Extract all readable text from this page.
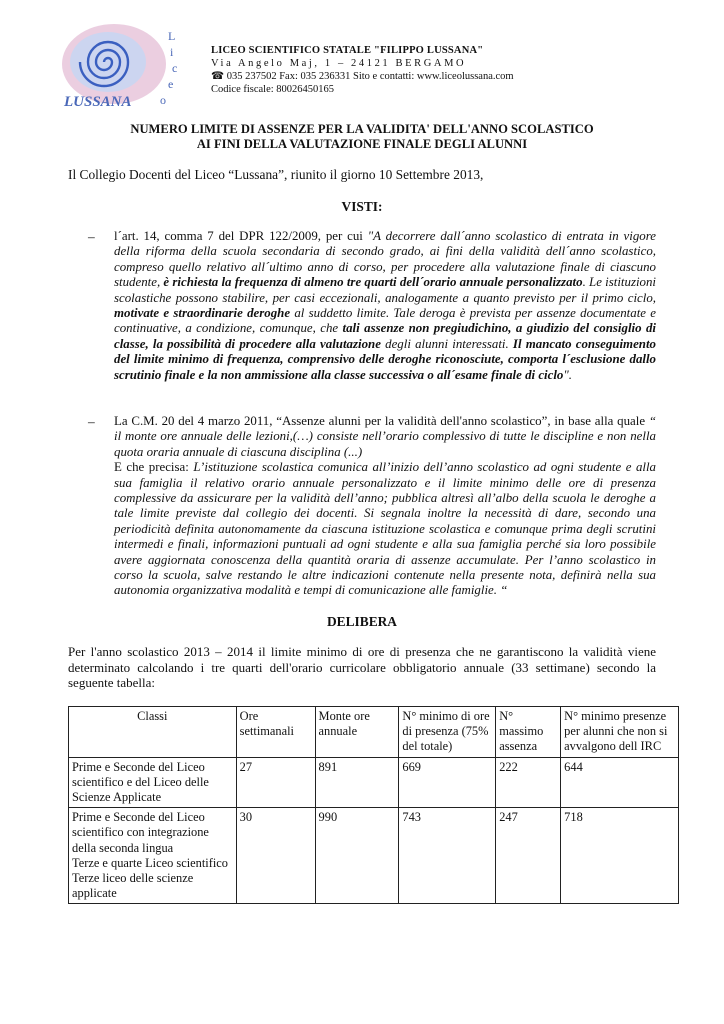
L
i
c
e
o
LUSSANA
LICEO SCIENTIFICO STATALE "FILIPPO LUSSANA"
Via Angelo Maj, 1 – 24121 BERGAMO
☎ 035 237502 Fax: 035 236331 Sito e contatti: www.liceolussana.com
Codice fiscale: 80026450165
NUMERO LIMITE DI ASSENZE PER LA VALIDITA' DELL'ANNO SCOLASTICO
AI FINI DELLA VALUTAZIONE FINALE DEGLI ALUNNI
Il Collegio Docenti del Liceo “Lussana”, riunito il giorno 10 Settembre 2013,
VISTI:
– l´art. 14, comma 7 del DPR 122/2009, per cui "A decorrere dall´anno scolastico di entrata in vigore della riforma della scuola secondaria di secondo grado, ai fini della validità dell´anno scolastico, compreso quello relativo all´ultimo anno di corso, per procedere alla valutazione finale di ciascuno studente, è richiesta la frequenza di almeno tre quarti dell´orario annuale personalizzato. Le istituzioni scolastiche possono stabilire, per casi eccezionali, analogamente a quanto previsto per il primo ciclo, motivate e straordinarie deroghe al suddetto limite. Tale deroga è prevista per assenze documentate e continuative, a condizione, comunque, che tali assenze non pregiudichino, a giudizio del consiglio di classe, la possibilità di procedere alla valutazione degli alunni interessati. Il mancato conseguimento del limite minimo di frequenza, comprensivo delle deroghe riconosciute, comporta l´esclusione dallo scrutinio finale e la non ammissione alla classe successiva o all´esame finale di ciclo".
– La C.M. 20 del 4 marzo 2011, “Assenze alunni per la validità dell'anno scolastico”, in base alla quale “ il monte ore annuale delle lezioni,(…) consiste nell’orario complessivo di tutte le discipline e non nella quota oraria annuale di ciascuna disciplina (...)
E che precisa: L’istituzione scolastica comunica all’inizio dell’anno scolastico ad ogni studente e alla sua famiglia il relativo orario annuale personalizzato e il limite minimo delle ore di presenza complessive da assicurare per la validità dell’anno; pubblica altresì all’albo della scuola le deroghe a tale limite previste dal collegio dei docenti. Si segnala inoltre la necessità di dare, secondo una periodicità definita autonomamente da ciascuna istituzione scolastica e comunque prima degli scrutini intermedi e finali, informazioni puntuali ad ogni studente e alla sua famiglia perché sia loro possibile avere aggiornata conoscenza della quantità oraria di assenze accumulate. Per l’anno scolastico in corso la scuola, salve restando le altre indicazioni contenute nella presente nota, definirà nella sua autonomia organizzativa modalità e tempi di comunicazione alle famiglie. “
DELIBERA
Per l'anno scolastico 2013 – 2014 il limite minimo di ore di presenza che ne garantiscono la validità viene determinato calcolando i tre quarti dell'orario curricolare obbligatorio annuale (33 settimane) secondo la seguente tabella:
Classi	Ore settimanali	Monte ore annuale	N° minimo di ore di presenza (75% del totale)	N° massimo assenza	N° minimo presenze per alunni che non si avvalgono dell IRC

Prime e Seconde del Liceo scientifico e del Liceo delle Scienze Applicate	27	891	669	222	644

Prime e Seconde del Liceo scientifico con integrazione della seconda lingua
Terze e quarte Liceo scientifico
Terze liceo delle scienze applicate	30	990	743	247	718
